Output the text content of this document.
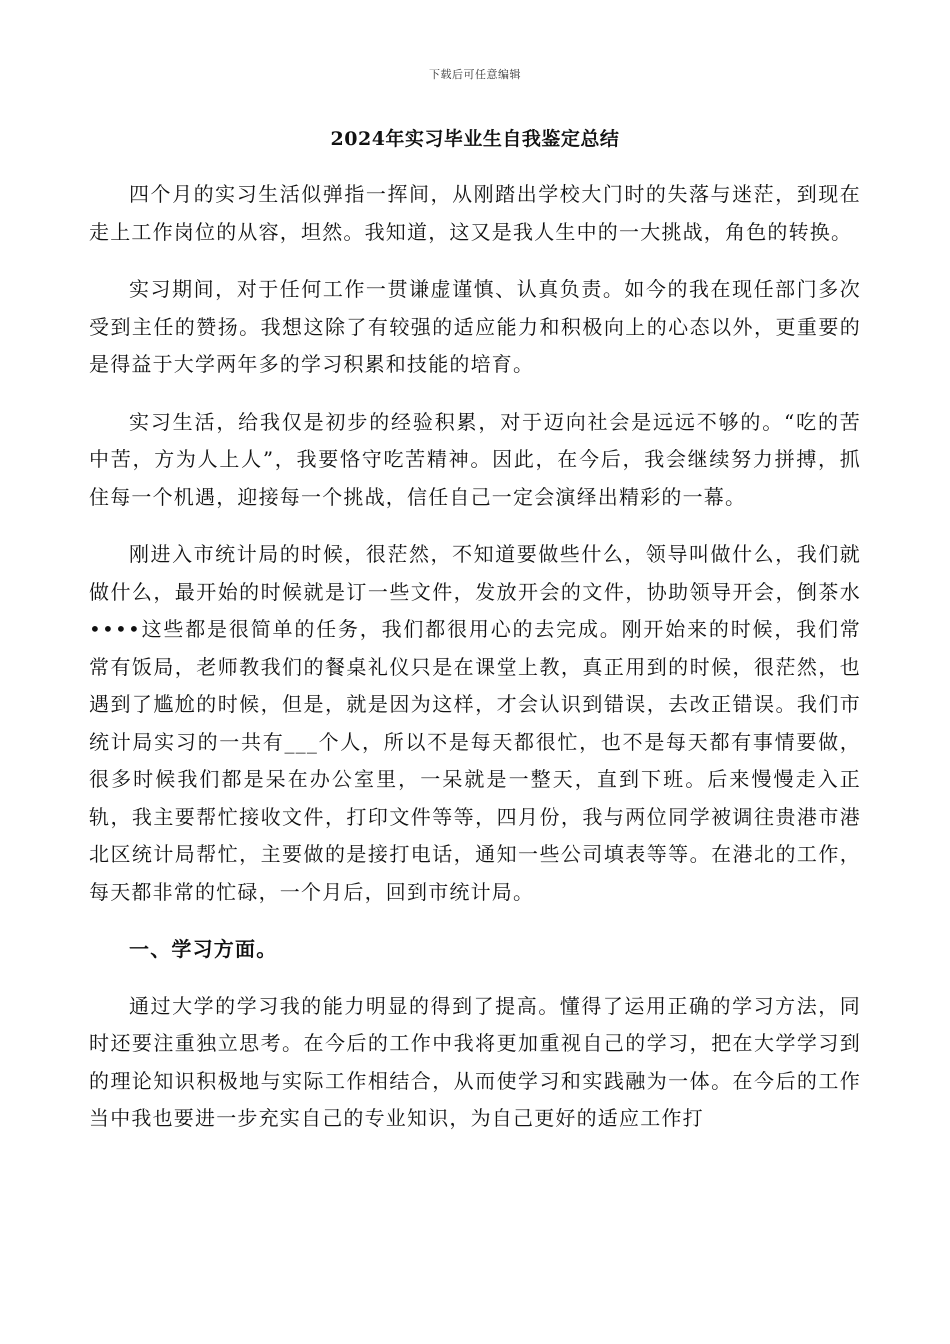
下载后可任意编辑
2024年实习毕业生自我鉴定总结

四个月的实习生活似弹指一挥间，从刚踏出学校大门时的失落与迷茫，到现在走上工作岗位的从容，坦然。我知道，这又是我人生中的一大挑战，角色的转换。

实习期间，对于任何工作一贯谦虚谨慎、认真负责。如今的我在现任部门多次受到主任的赞扬。我想这除了有较强的适应能力和积极向上的心态以外，更重要的是得益于大学两年多的学习积累和技能的培育。

实习生活，给我仅是初步的经验积累，对于迈向社会是远远不够的。“吃的苦中苦，方为人上人”，我要恪守吃苦精神。因此，在今后，我会继续努力拼搏，抓住每一个机遇，迎接每一个挑战，信任自己一定会演绎出精彩的一幕。

刚进入市统计局的时候，很茫然，不知道要做些什么，领导叫做什么，我们就做什么，最开始的时候就是订一些文件，发放开会的文件，协助领导开会，倒茶水••••这些都是很简单的任务，我们都很用心的去完成。刚开始来的时候，我们常常有饭局，老师教我们的餐桌礼仪只是在课堂上教，真正用到的时候，很茫然，也遇到了尴尬的时候，但是，就是因为这样，才会认识到错误，去改正错误。我们市统计局实习的一共有___个人，所以不是每天都很忙，也不是每天都有事情要做，很多时候我们都是呆在办公室里，一呆就是一整天，直到下班。后来慢慢走入正轨，我主要帮忙接收文件，打印文件等等，四月份，我与两位同学被调往贵港市港北区统计局帮忙，主要做的是接打电话，通知一些公司填表等等。在港北的工作，每天都非常的忙碌，一个月后，回到市统计局。

一、学习方面。

通过大学的学习我的能力明显的得到了提高。懂得了运用正确的学习方法，同时还要注重独立思考。在今后的工作中我将更加重视自己的学习，把在大学学习到的理论知识积极地与实际工作相结合，从而使学习和实践融为一体。在今后的工作当中我也要进一步充实自己的专业知识，为自己更好的适应工作打
